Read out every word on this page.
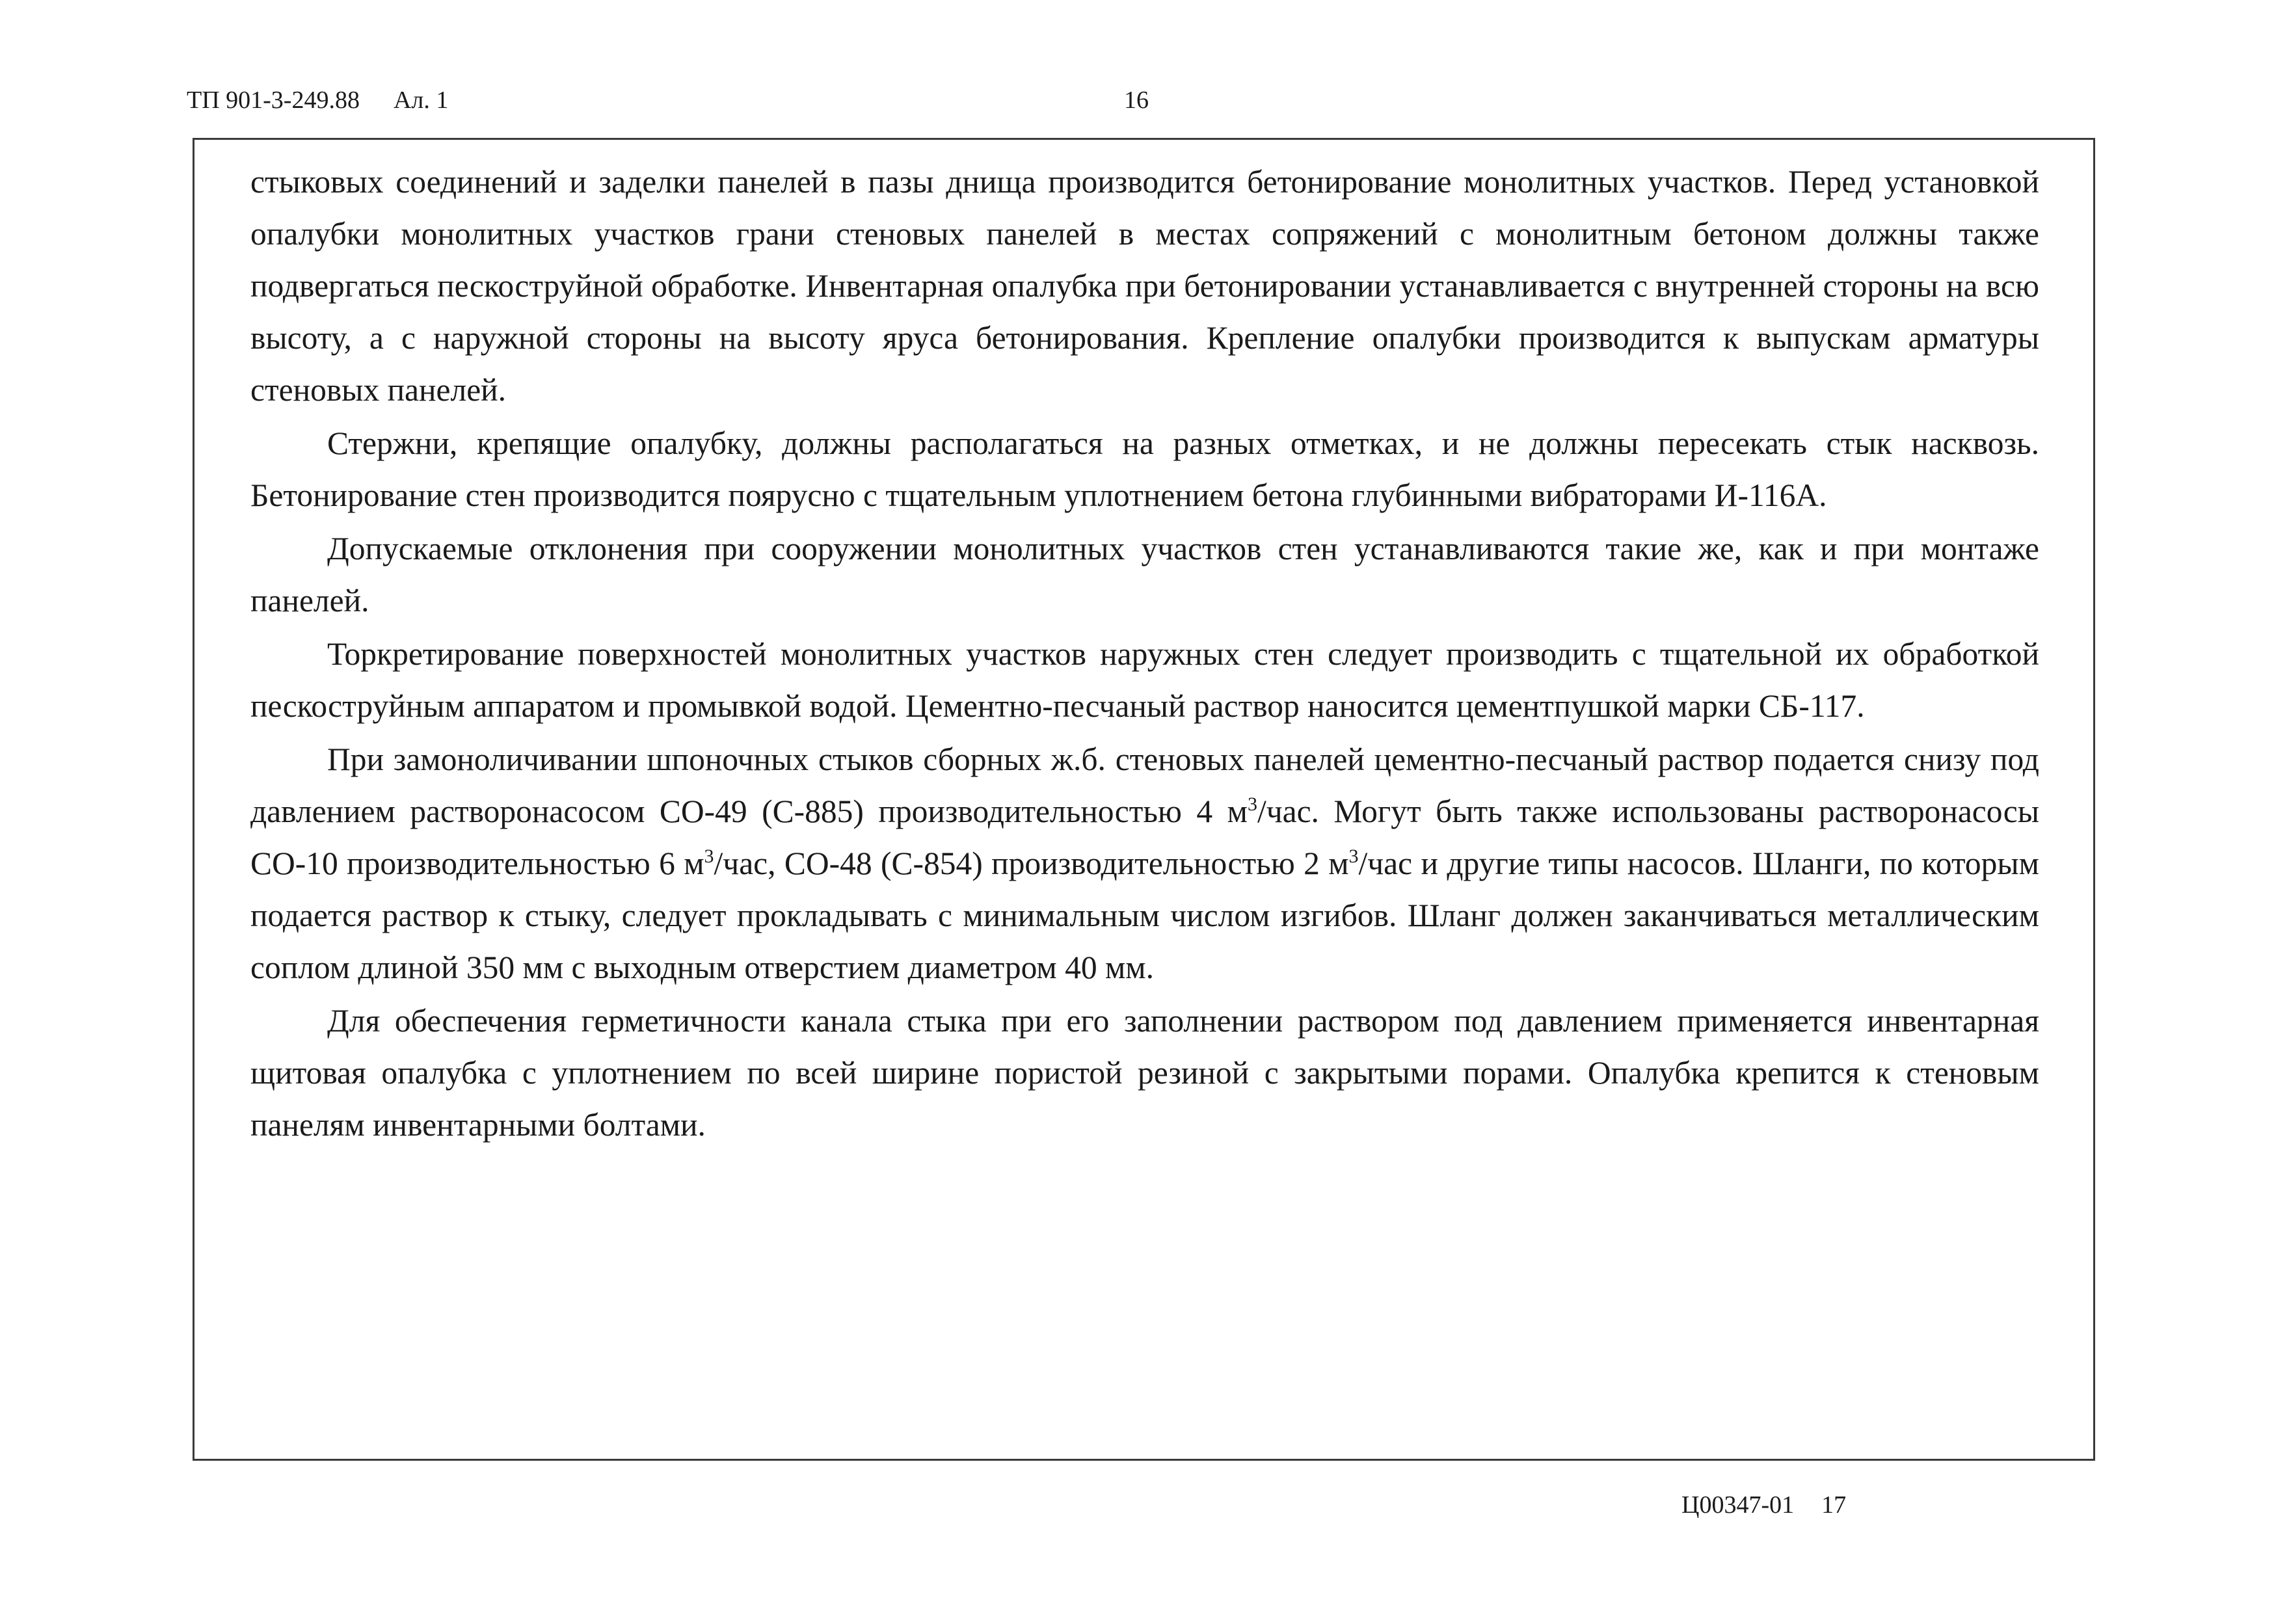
ТП 901-3-249.88 Ал. 1	16

стыковых соединений и заделки панелей в пазы днища производится бетонирование монолитных участков. Перед установкой опалубки монолитных участков грани стеновых панелей в местах сопряжений с монолитным бетоном должны также подвергаться пескоструйной обработке. Инвентарная опалубка при бетонировании устанавливается с внутренней стороны на всю высоту, а с наружной стороны на высоту яруса бетонирования. Крепление опалубки производится к выпускам арматуры стеновых панелей.

Стержни, крепящие опалубку, должны располагаться на разных отметках, и не должны пересекать стык насквозь. Бетонирование стен производится поярусно с тщательным уплотнением бетона глубинными вибраторами И-116А.

Допускаемые отклонения при сооружении монолитных участков стен устанавливаются такие же, как и при монтаже панелей.

Торкретирование поверхностей монолитных участков наружных стен следует производить с тщательной их обработкой пескоструйным аппаратом и промывкой водой. Цементно-песчаный раствор наносится цементпушкой марки СБ-117.

При замоноличивании шпоночных стыков сборных ж.б. стеновых панелей цементно-песчаный раствор подается снизу под давлением растворонасосом СО-49 (С-885) производительностью 4 $м^3$/час. Могут быть также использованы растворонасосы СО-10 производительностью 6 $м^3$/час, СО-48 (С-854) производительностью 2 $м^3$/час и другие типы насосов. Шланги, по которым подается раствор к стыку, следует прокладывать с минимальным числом изгибов. Шланг должен заканчиваться металлическим соплом длиной 350 мм с выходным отверстием диаметром 40 мм.

Для обеспечения герметичности канала стыка при его заполнении раствором под давлением применяется инвентарная щитовая опалубка с уплотнением по всей ширине пористой резиной с закрытыми порами. Опалубка крепится к стеновым панелям инвентарными болтами.

Ц00347-01 17
